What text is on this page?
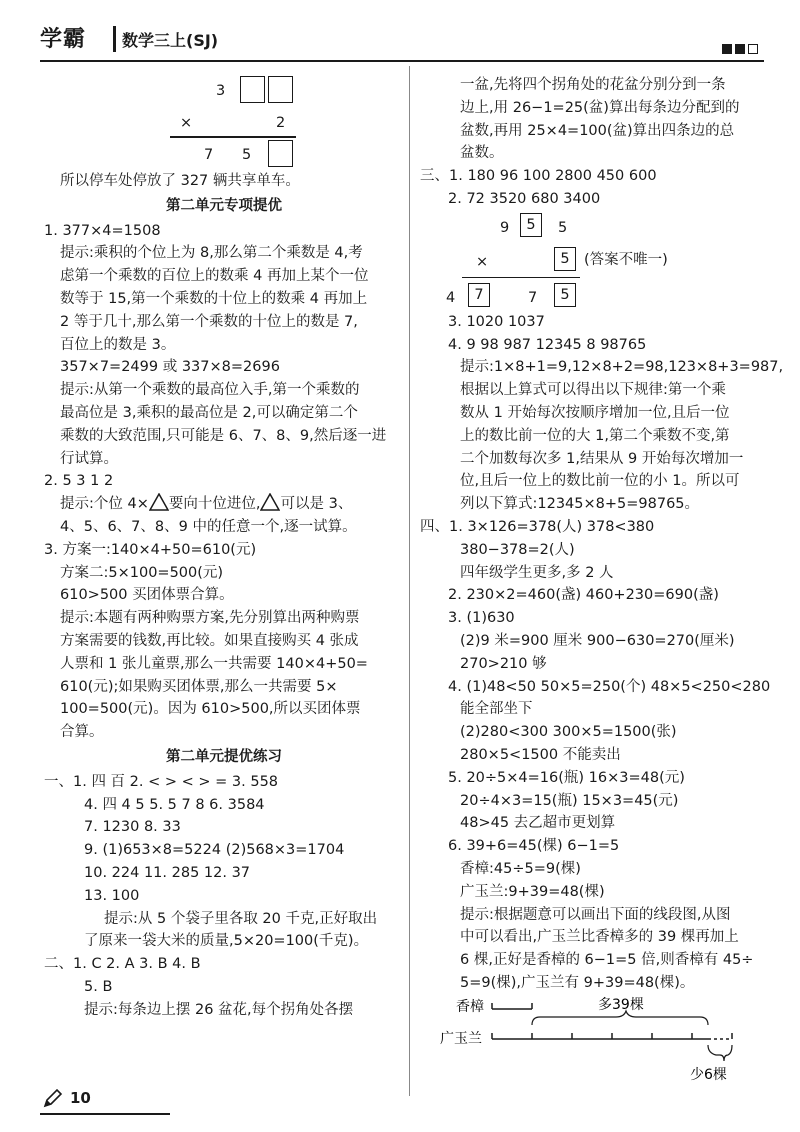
学霸 数学三上(SJ)
3
×	2
7 5
所以停车处停放了 327 辆共享单车。
第二单元专项提优
1. 377×4=1508
提示:乘积的个位上为 8,那么第二个乘数是 4,考
虑第一个乘数的百位上的数乘 4 再加上某个一位
数等于 15,第一个乘数的十位上的数乘 4 再加上
2 等于几十,那么第一个乘数的十位上的数是 7,
百位上的数是 3。
357×7=2499 或 337×8=2696
提示:从第一个乘数的最高位入手,第一个乘数的
最高位是 3,乘积的最高位是 2,可以确定第二个
乘数的大致范围,只可能是 6、7、8、9,然后逐一进
行试算。
2. 5 3 1 2
提示:个位 4× 要向十位进位, 可以是 3、
4、5、6、7、8、9 中的任意一个,逐一试算。
3. 方案一:140×4+50=610(元)
方案二:5×100=500(元)
610>500 买团体票合算。
提示:本题有两种购票方案,先分别算出两种购票
方案需要的钱数,再比较。如果直接购买 4 张成
人票和 1 张儿童票,那么一共需要 140×4+50=
610(元);如果购买团体票,那么一共需要 5×
100=500(元)。因为 610>500,所以买团体票
合算。
第二单元提优练习
一、1. 四 百 2. < > < > = 3. 558
4. 四 4 5 5. 5 7 8 6. 3584
7. 1230 8. 33
9. (1)653×8=5224 (2)568×3=1704
10. 224 11. 285 12. 37
13. 100
提示:从 5 个袋子里各取 20 千克,正好取出
了原来一袋大米的质量,5×20=100(千克)。
二、1. C 2. A 3. B 4. B
5. B
提示:每条边上摆 26 盆花,每个拐角处各摆
一盆,先将四个拐角处的花盆分别分到一条
边上,用 26−1=25(盆)算出每条边分配到的
盆数,再用 25×4=100(盆)算出四条边的总
盆数。
三、1. 180 96 100 2800 450 600
2. 72 3520 680 3400
9	5	5
×	5 (答案不唯一)
4	7	7	5
3. 1020 1037
4. 9 98 987 12345 8 98765
提示:1×8+1=9,12×8+2=98,123×8+3=987,
根据以上算式可以得出以下规律:第一个乘
数从 1 开始每次按顺序增加一位,且后一位
上的数比前一位的大 1,第二个乘数不变,第
二个加数每次多 1,结果从 9 开始每次增加一
位,且后一位上的数比前一位的小 1。所以可
列以下算式:12345×8+5=98765。
四、1. 3×126=378(人) 378<380
380−378=2(人)
四年级学生更多,多 2 人
2. 230×2=460(盏) 460+230=690(盏)
3. (1)630
(2)9 米=900 厘米 900−630=270(厘米)
270>210 够
4. (1)48<50 50×5=250(个) 48×5<250<280
能全部坐下
(2)280<300 300×5=1500(张)
280×5<1500 不能卖出
5. 20÷5×4=16(瓶) 16×3=48(元)
20÷4×3=15(瓶) 15×3=45(元)
48>45 去乙超市更划算
6. 39+6=45(棵) 6−1=5
香樟:45÷5=9(棵)
广玉兰:9+39=48(棵)
提示:根据题意可以画出下面的线段图,从图
中可以看出,广玉兰比香樟多的 39 棵再加上
6 棵,正好是香樟的 6−1=5 倍,则香樟有 45÷
5=9(棵),广玉兰有 9+39=48(棵)。
香樟	多39棵
广玉兰
少6棵
10
